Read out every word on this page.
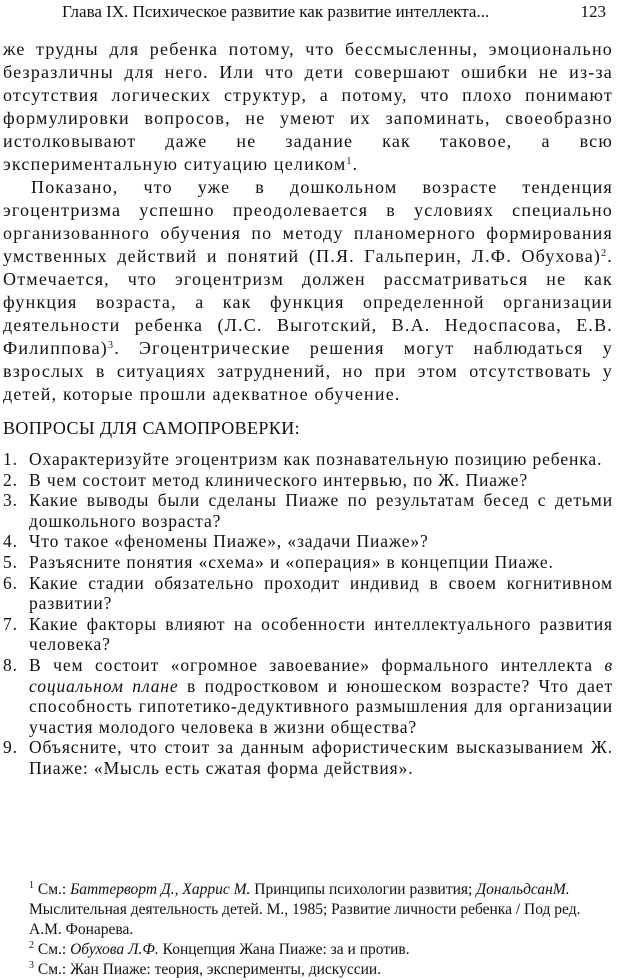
Глава IX. Психическое развитие как развитие интеллекта...	123

же трудны для ребенка потому, что бессмысленны, эмоционально безразличны для него. Или что дети совершают ошибки не из-за отсутствия логических структур, а потому, что плохо понимают формулировки вопросов, не умеют их запоминать, своеобразно истолковывают даже не задание как таковое, а всю экспериментальную ситуацию целиком$^1$.

Показано, что уже в дошкольном возрасте тенденция эгоцентризма успешно преодолевается в условиях специально организованного обучения по методу планомерного формирования умственных действий и понятий (П.Я. Гальперин, Л.Ф. Обухова)$^2$. Отмечается, что эгоцентризм должен рассматриваться не как функция возраста, а как функция определенной организации деятельности ребенка (Л.С. Выготский, В.А. Недоспасова, Е.В. Филиппова)$^3$. Эгоцентрические решения могут наблюдаться у взрослых в ситуациях затруднений, но при этом отсутствовать у детей, которые прошли адекватное обучение.

ВОПРОСЫ ДЛЯ САМОПРОВЕРКИ:
1. Охарактеризуйте эгоцентризм как познавательную позицию ребенка.
2. В чем состоит метод клинического интервью, по Ж. Пиаже?
3. Какие выводы были сделаны Пиаже по результатам бесед с детьми дошкольного возраста?
4. Что такое «феномены Пиаже», «задачи Пиаже»?
5. Разъясните понятия «схема» и «операция» в концепции Пиаже.
6. Какие стадии обязательно проходит индивид в своем когнитивном развитии?
7. Какие факторы влияют на особенности интеллектуального развития человека?
8. В чем состоит «огромное завоевание» формального интеллекта в социальном плане в подростковом и юношеском возрасте? Что дает способность гипотетико-дедуктивного размышления для организации участия молодого человека в жизни общества?
9. Объясните, что стоит за данным афористическим высказыванием Ж. Пиаже: «Мысль есть сжатая форма действия».

$^1$ См.: Баттерворт Д., Харрис М. Принципы психологии развития; ДональдсанМ. Мыслительная деятельность детей. М., 1985; Развитие личности ребенка / Под ред. А.М. Фонарева.

$^2$ См.: Обухова Л.Ф. Концепция Жана Пиаже: за и против.

$^3$ См.: Жан Пиаже: теория, эксперименты, дискуссии.
